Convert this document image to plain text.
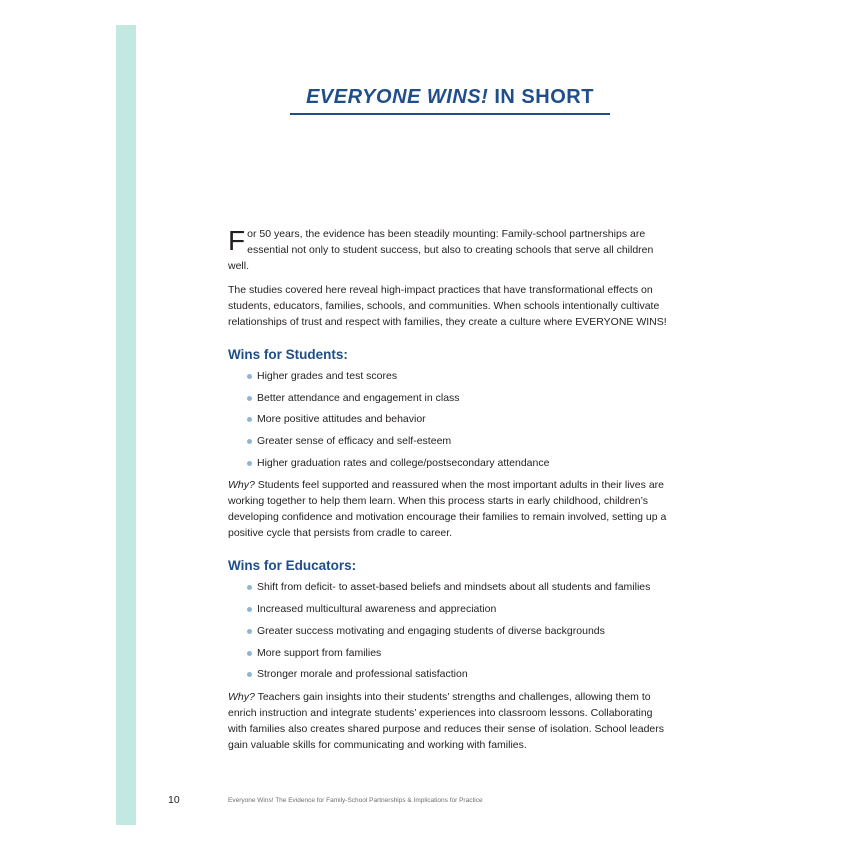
EVERYONE WINS! IN SHORT

For 50 years, the evidence has been steadily mounting: Family-school partnerships are essential not only to student success, but also to creating schools that serve all children well.

The studies covered here reveal high-impact practices that have transformational effects on students, educators, families, schools, and communities. When schools intentionally cultivate relationships of trust and respect with families, they create a culture where EVERYONE WINS!

Wins for Students:
Higher grades and test scores
Better attendance and engagement in class
More positive attitudes and behavior
Greater sense of efficacy and self-esteem
Higher graduation rates and college/postsecondary attendance

Why? Students feel supported and reassured when the most important adults in their lives are working together to help them learn. When this process starts in early childhood, children’s developing confidence and motivation encourage their families to remain involved, setting up a positive cycle that persists from cradle to career.

Wins for Educators:
Shift from deficit- to asset-based beliefs and mindsets about all students and families
Increased multicultural awareness and appreciation
Greater success motivating and engaging students of diverse backgrounds
More support from families
Stronger morale and professional satisfaction

Why? Teachers gain insights into their students’ strengths and challenges, allowing them to enrich instruction and integrate students’ experiences into classroom lessons. Collaborating with families also creates shared purpose and reduces their sense of isolation. School leaders gain valuable skills for communicating and working with families.

10	Everyone Wins! The Evidence for Family-School Partnerships & Implications for Practice
